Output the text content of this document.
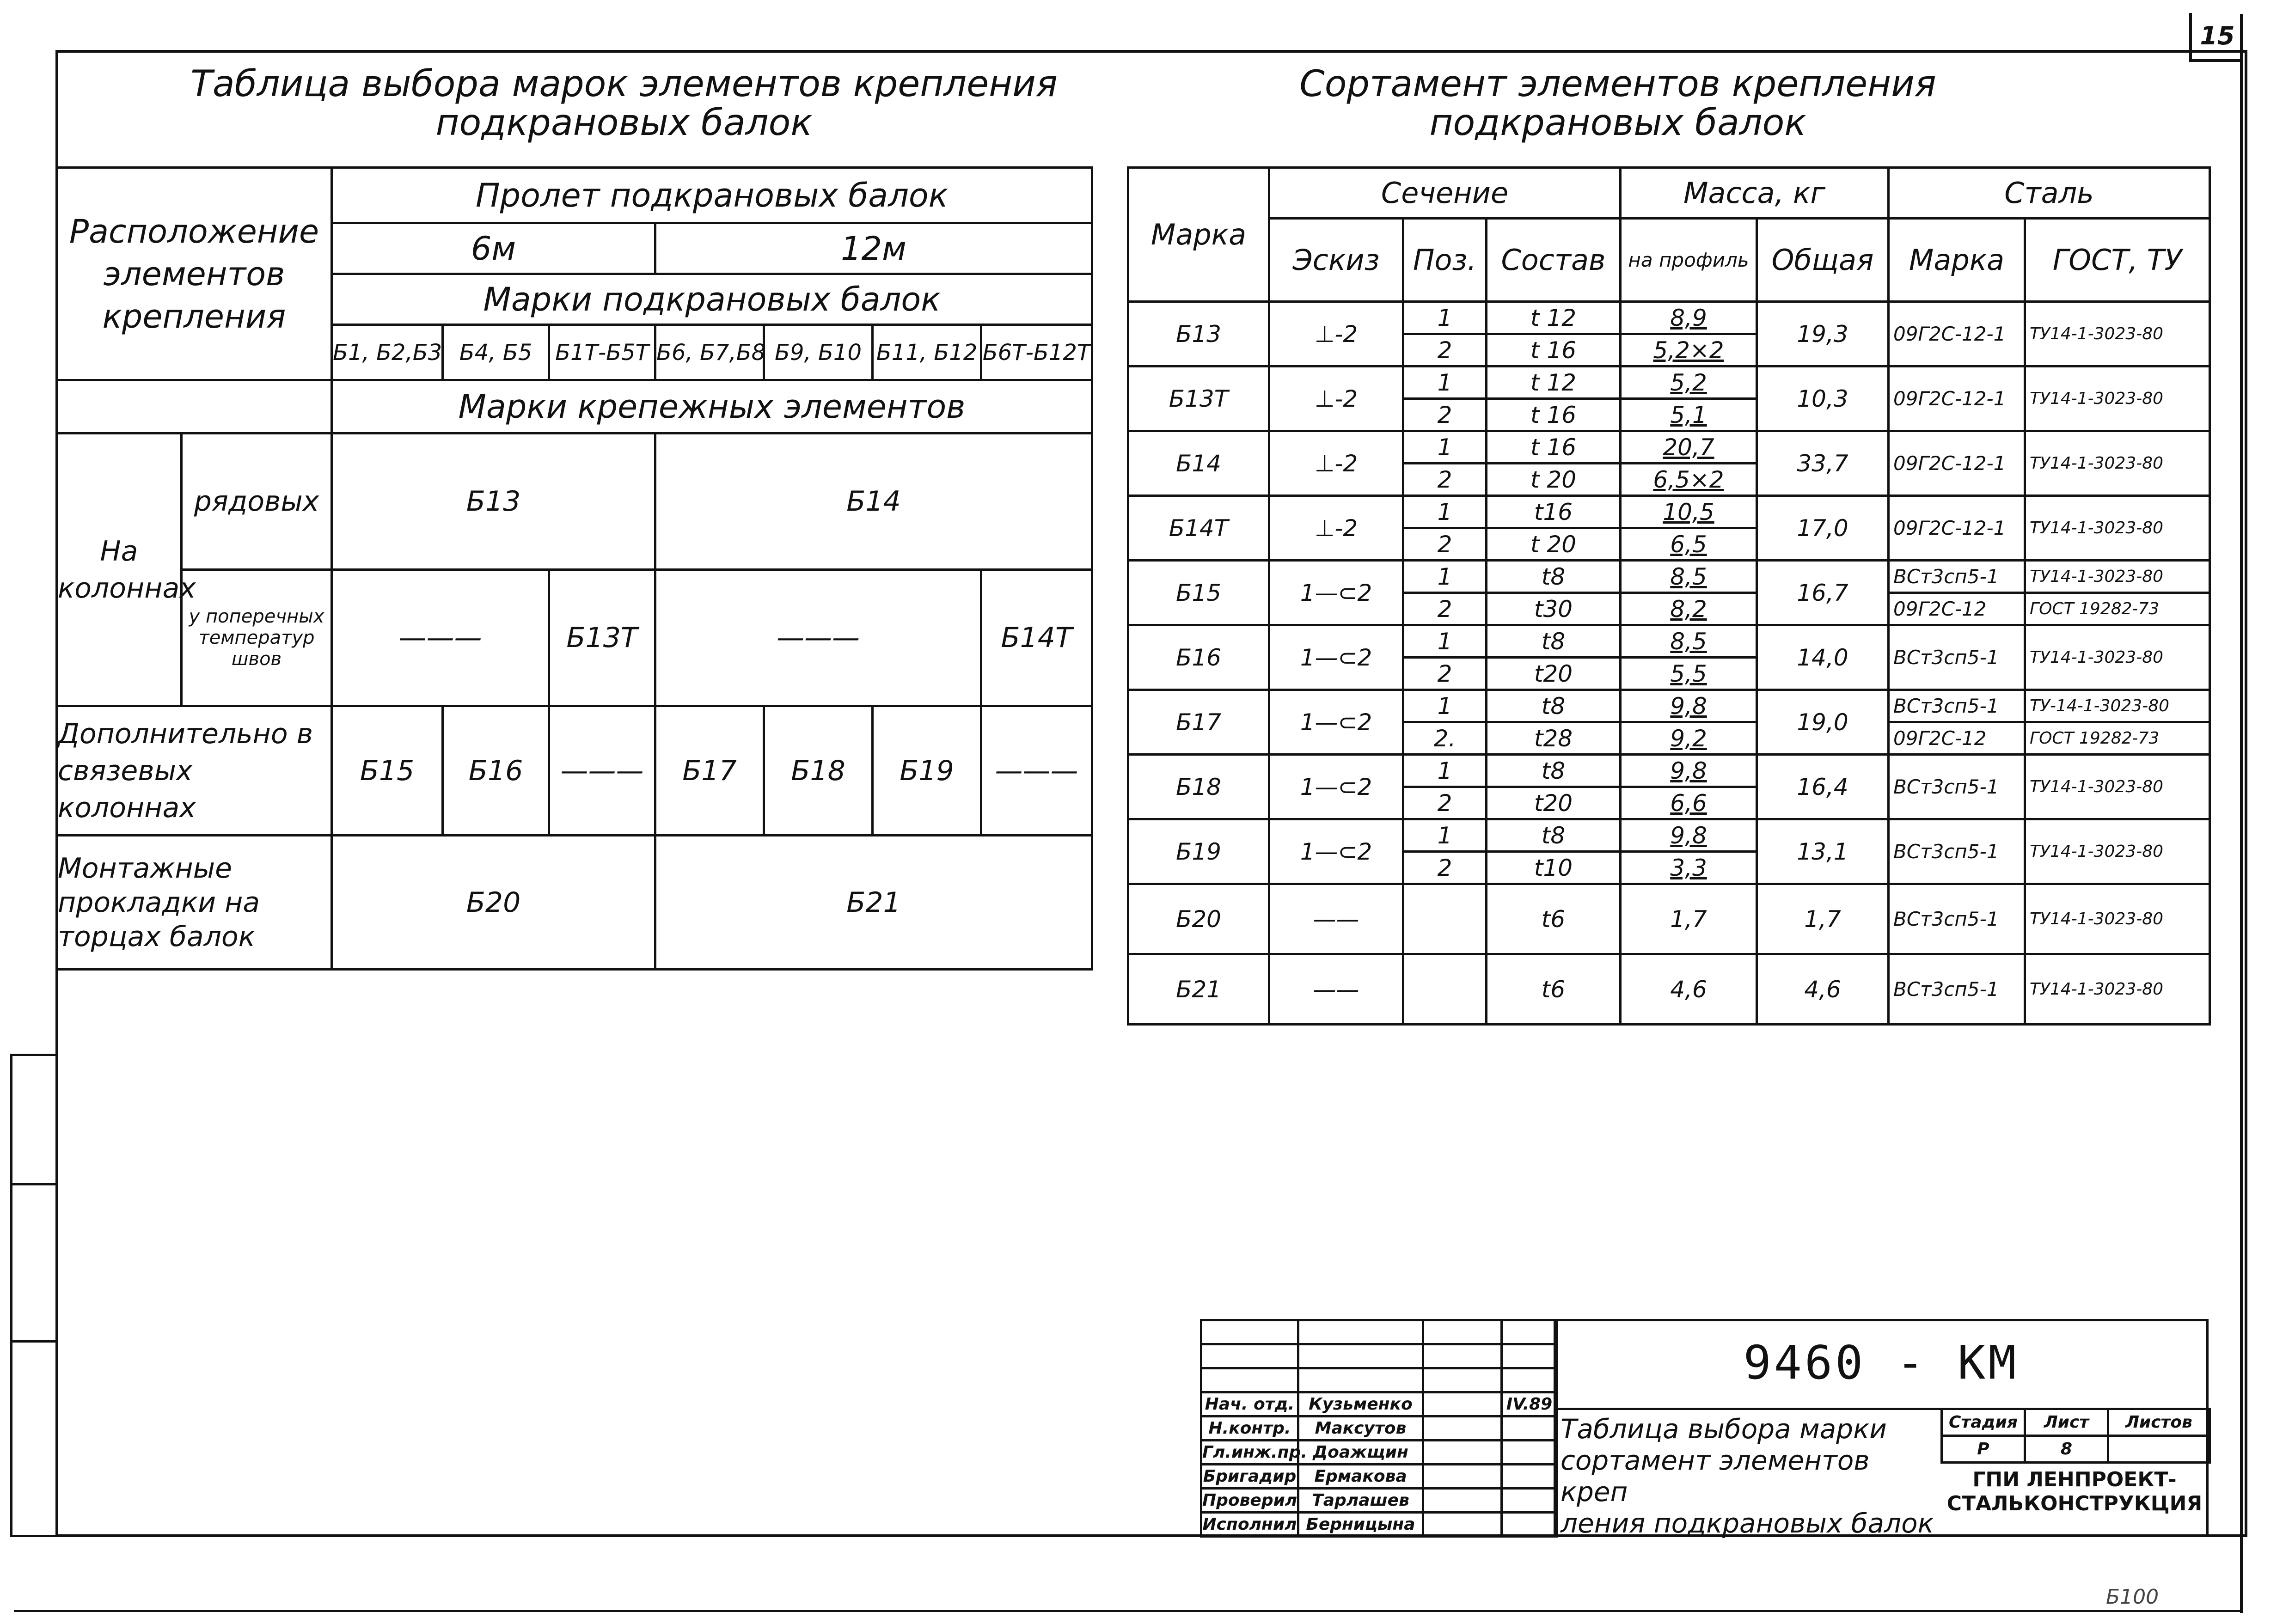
15
Таблица выбора марок элементов крепления
подкрановых балок
Расположение элементов крепления		Пролет подкрановых балок						
		6м			12м			
		Марки подкрановых балок						
		Б1, Б2,Б3	Б4, Б5	Б1Т-Б5Т	Б6, Б7,Б8	Б9, Б10	Б11, Б12	Б6Т-Б12Т
		Марки крепежных элементов						
На колоннах	рядовых	Б13			Б14			
	у поперечных температур швов	———		Б13Т	———			Б14Т
Дополнительно в связевых колоннах		Б15	Б16	———	Б17	Б18	Б19	———
Монтажные прокладки на торцах балок		Б20			Б21			
Сортамент элементов крепления
подкрановых балок
Марка	Сечение			Масса, кг		Сталь	
	Эскиз	Поз.	Состав	на профиль	Общая	Марка	ГОСТ, ТУ
Б13	⊥-2	1	t 12	8,9	19,3	09Г2С-12-1	ТУ14-1-3023-80
		2	t 16	5,2×2			
Б13Т	⊥-2	1	t 12	5,2	10,3	09Г2С-12-1	ТУ14-1-3023-80
		2	t 16	5,1			
Б14	⊥-2	1	t 16	20,7	33,7	09Г2С-12-1	ТУ14-1-3023-80
		2	t 20	6,5×2			
Б14Т	⊥-2	1	t16	10,5	17,0	09Г2С-12-1	ТУ14-1-3023-80
		2	t 20	6,5			
Б15	1—⊂2	1	t8	8,5	16,7	ВСт3сп5-1	ТУ14-1-3023-80
		2	t30	8,2		09Г2С-12	ГОСТ 19282-73
Б16	1—⊂2	1	t8	8,5	14,0	ВСт3сп5-1	ТУ14-1-3023-80
		2	t20	5,5			
Б17	1—⊂2	1	t8	9,8	19,0	ВСт3сп5-1	ТУ-14-1-3023-80
		2.	t28	9,2		09Г2С-12	ГОСТ 19282-73
Б18	1—⊂2	1	t8	9,8	16,4	ВСт3сп5-1	ТУ14-1-3023-80
		2	t20	6,6			
Б19	1—⊂2	1	t8	9,8	13,1	ВСт3сп5-1	ТУ14-1-3023-80
		2	t10	3,3			
Б20	——		t6	1,7	1,7	ВСт3сп5-1	ТУ14-1-3023-80
Б21	——		t6	4,6	4,6	ВСт3сп5-1	ТУ14-1-3023-80

Нач. отд.	Кузьменко		IV.89
Н.контр.	Максутов		
Гл.инж.пр.	Доажщин		
Бригадир	Ермакова		
Проверил	Тарлашев		
Исполнил	Берницына		
9460 - КМ
Таблица выбора марки
сортамент элементов креп
ления подкрановых балок
Стадия	Лист	Листов
Р	8	
ГПИ ЛЕНПРОЕКТ-
СТАЛЬКОНСТРУКЦИЯ
Б100
